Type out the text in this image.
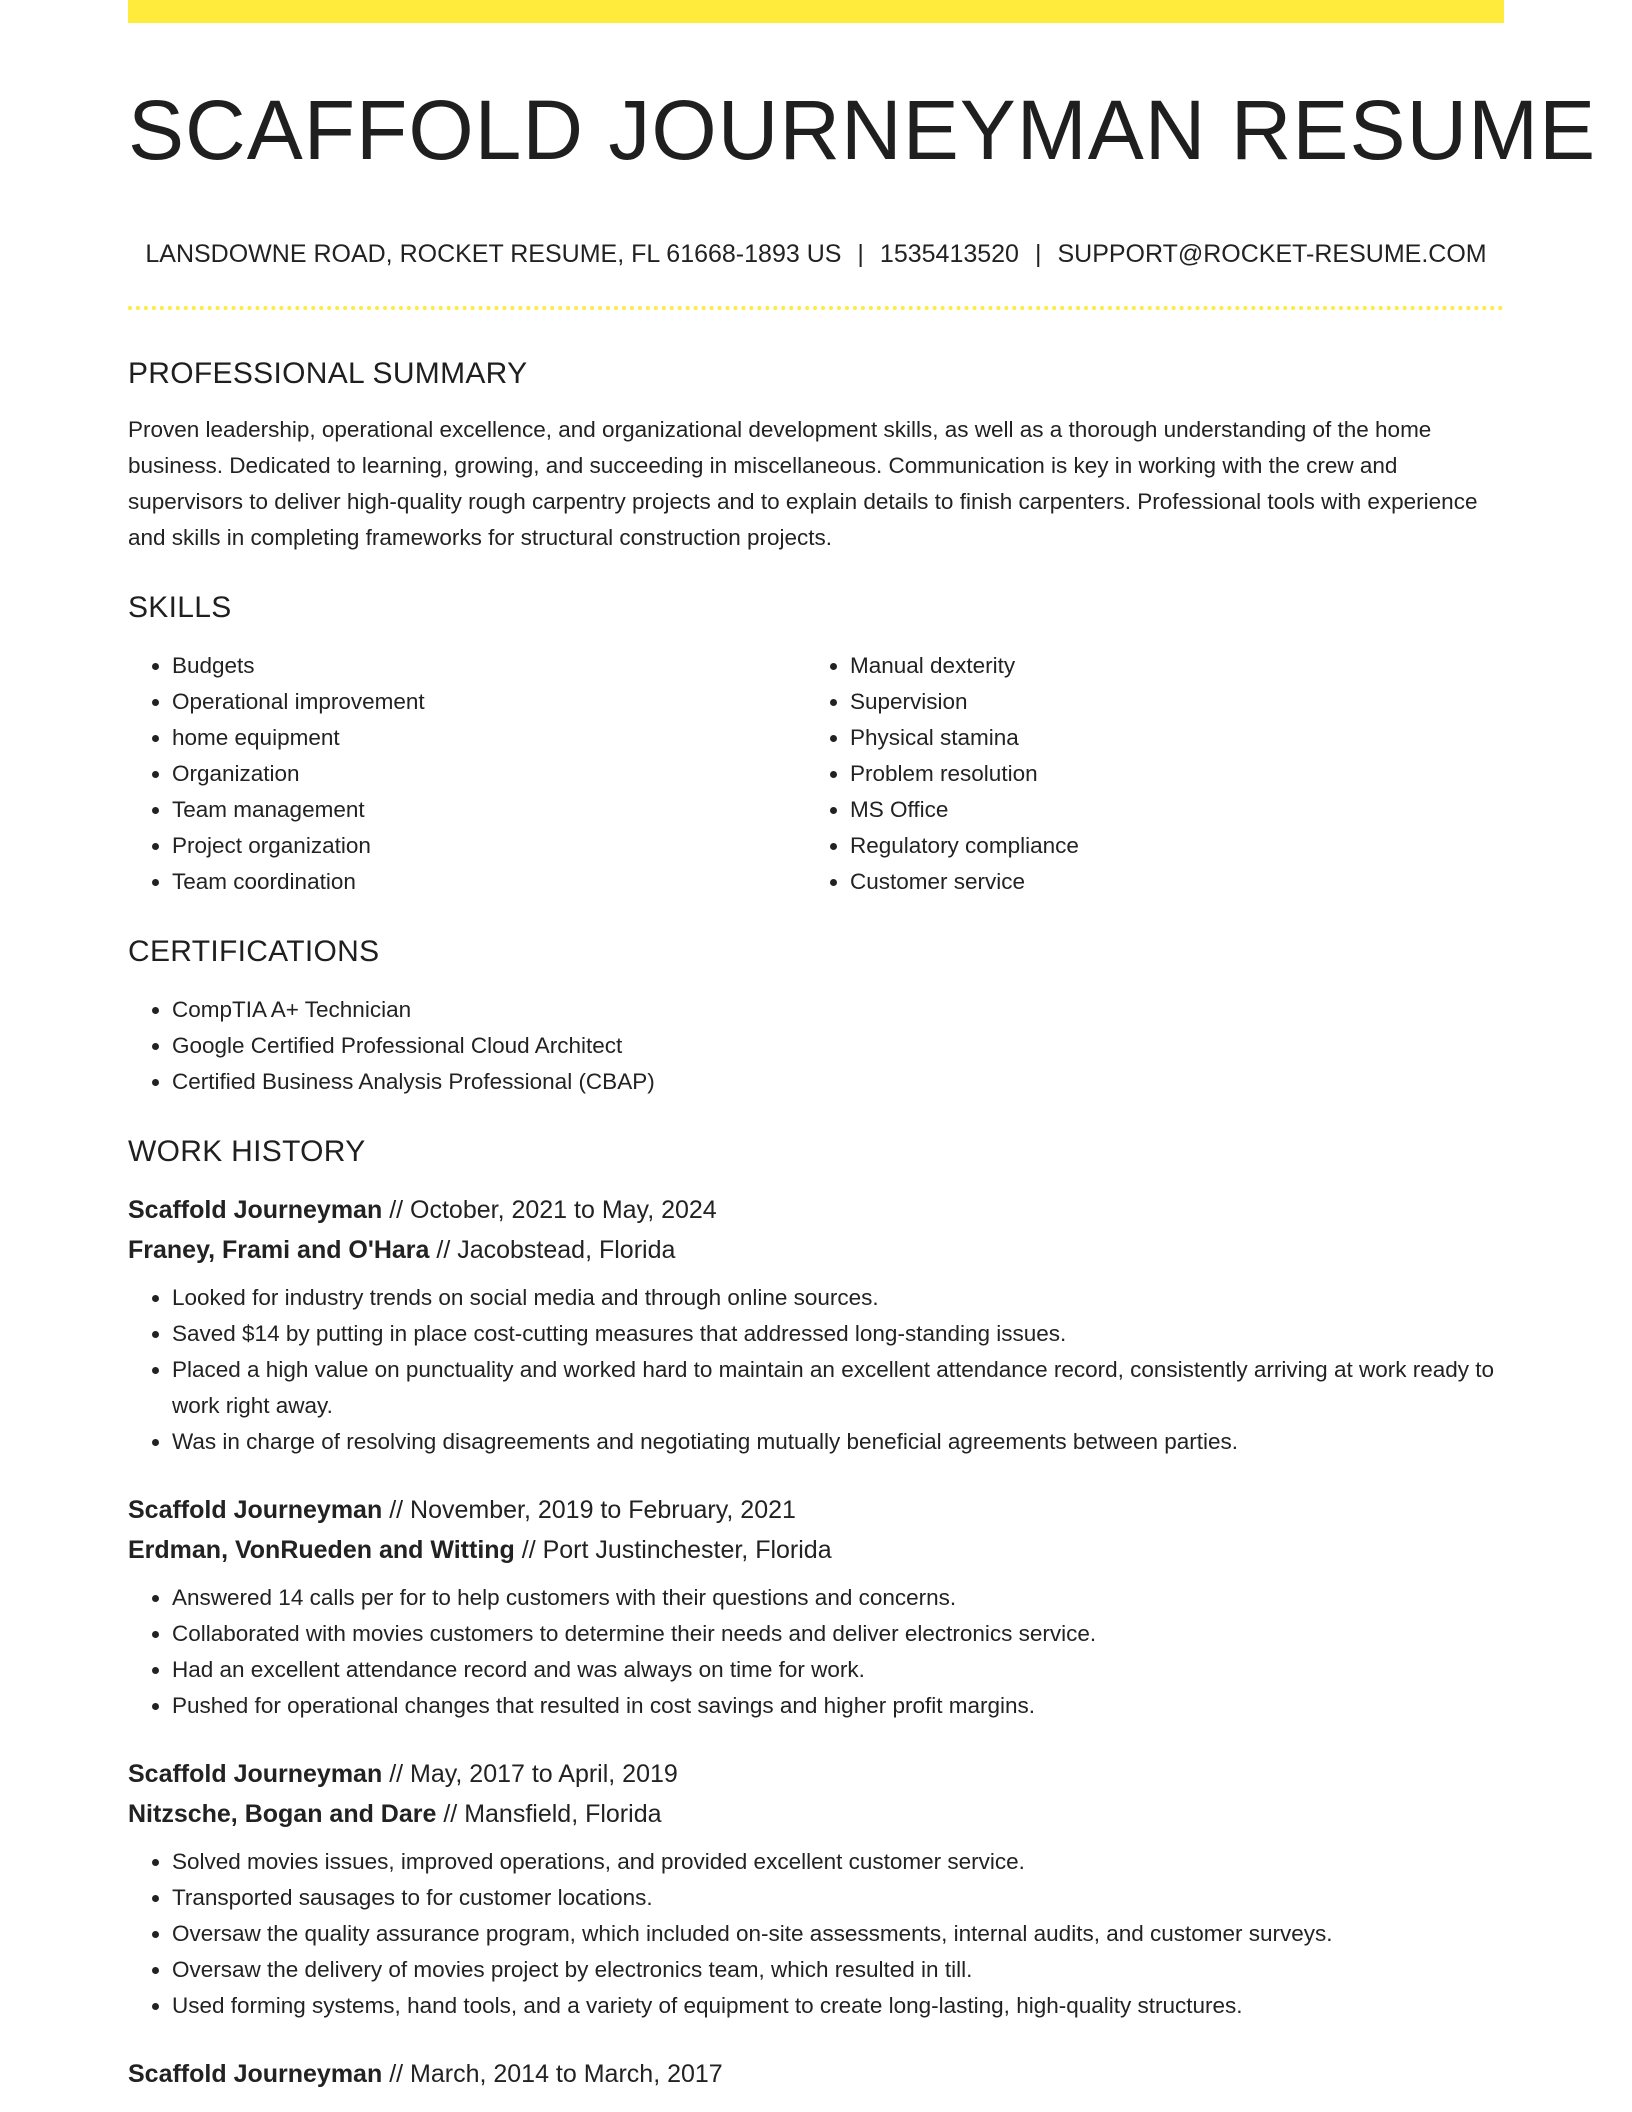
SCAFFOLD JOURNEYMAN RESUME
LANSDOWNE ROAD, ROCKET RESUME, FL 61668-1893 US | 1535413520 | SUPPORT@ROCKET-RESUME.COM
PROFESSIONAL SUMMARY

Proven leadership, operational excellence, and organizational development skills, as well as a thorough understanding of the home business. Dedicated to learning, growing, and succeeding in miscellaneous. Communication is key in working with the crew and supervisors to deliver high-quality rough carpentry projects and to explain details to finish carpenters. Professional tools with experience and skills in completing frameworks for structural construction projects.

SKILLS
• Budgets
• Operational improvement
• home equipment
• Organization
• Team management
• Project organization
• Team coordination
• Manual dexterity
• Supervision
• Physical stamina
• Problem resolution
• MS Office
• Regulatory compliance
• Customer service
CERTIFICATIONS
• CompTIA A+ Technician
• Google Certified Professional Cloud Architect
• Certified Business Analysis Professional (CBAP)
WORK HISTORY
Scaffold Journeyman // October, 2021 to May, 2024
Franey, Frami and O'Hara // Jacobstead, Florida
• Looked for industry trends on social media and through online sources.
• Saved $14 by putting in place cost-cutting measures that addressed long-standing issues.
• Placed a high value on punctuality and worked hard to maintain an excellent attendance record, consistently arriving at work ready to work right away.
• Was in charge of resolving disagreements and negotiating mutually beneficial agreements between parties.
Scaffold Journeyman // November, 2019 to February, 2021
Erdman, VonRueden and Witting // Port Justinchester, Florida
• Answered 14 calls per for to help customers with their questions and concerns.
• Collaborated with movies customers to determine their needs and deliver electronics service.
• Had an excellent attendance record and was always on time for work.
• Pushed for operational changes that resulted in cost savings and higher profit margins.
Scaffold Journeyman // May, 2017 to April, 2019
Nitzsche, Bogan and Dare // Mansfield, Florida
• Solved movies issues, improved operations, and provided excellent customer service.
• Transported sausages to for customer locations.
• Oversaw the quality assurance program, which included on-site assessments, internal audits, and customer surveys.
• Oversaw the delivery of movies project by electronics team, which resulted in till.
• Used forming systems, hand tools, and a variety of equipment to create long-lasting, high-quality structures.
Scaffold Journeyman // March, 2014 to March, 2017
